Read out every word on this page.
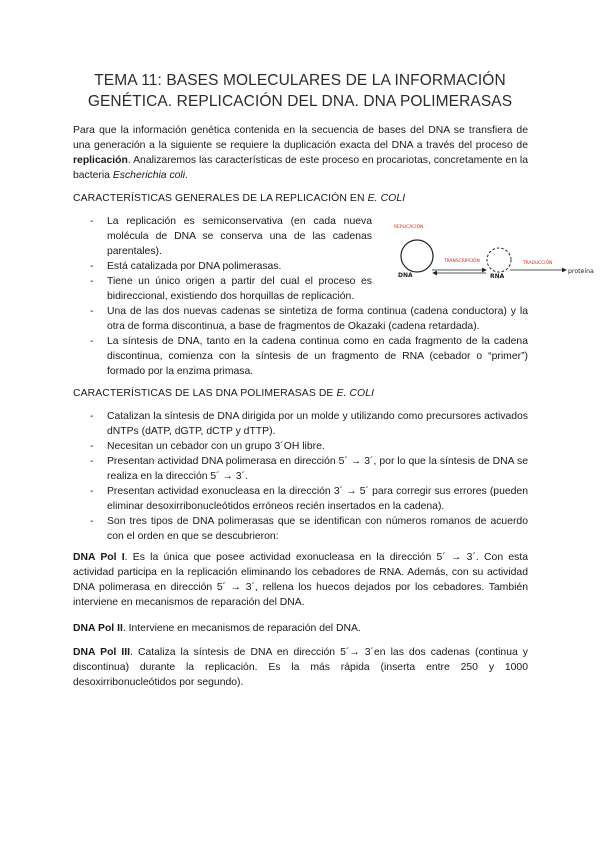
TEMA 11: BASES MOLECULARES DE LA INFORMACIÓN
GENÉTICA. REPLICACIÓN DEL DNA. DNA POLIMERASAS

Para que la información genética contenida en la secuencia de bases del DNA se transfiera de una generación a la siguiente se requiere la duplicación exacta del DNA a través del proceso de replicación. Analizaremos las características de este proceso en procariotas, concretamente en la bacteria Escherichia coli.

CARACTERÍSTICAS GENERALES DE LA REPLICACIÓN EN E. COLI

- La replicación es semiconservativa (en cada nueva molécula de DNA se conserva una de las cadenas parentales).
- Está catalizada por DNA polimerasas.
- Tiene un único origen a partir del cual el proceso es bidireccional, existiendo dos horquillas de replicación.
- Una de las dos nuevas cadenas se sintetiza de forma continua (cadena conductora) y la otra de forma discontinua, a base de fragmentos de Okazaki (cadena retardada).
- La síntesis de DNA, tanto en la cadena continua como en cada fragmento de la cadena discontinua, comienza con la síntesis de un fragmento de RNA (cebador o “primer”) formado por la enzima primasa.
REPLICACIÓN
TRANSCRIPCIÓN	TRADUCCIÓN
DNA	RNA
proteína

CARACTERÍSTICAS DE LAS DNA POLIMERASAS DE E. COLI

- Catalizan la síntesis de DNA dirigida por un molde y utilizando como precursores activados dNTPs (dATP, dGTP, dCTP y dTTP).
- Necesitan un cebador con un grupo 3´OH libre.
- Presentan actividad DNA polimerasa en dirección 5´ → 3´, por lo que la síntesis de DNA se realiza en la dirección 5´ → 3´.
- Presentan actividad exonucleasa en la dirección 3´ → 5´ para corregir sus errores (pueden eliminar desoxirribonucleótidos erróneos recién insertados en la cadena).
- Son tres tipos de DNA polimerasas que se identifican con números romanos de acuerdo con el orden en que se descubrieron:

DNA Pol I. Es la única que posee actividad exonucleasa en la dirección 5´ → 3´. Con esta actividad participa en la replicación eliminando los cebadores de RNA. Además, con su actividad DNA polimerasa en dirección 5´ → 3´, rellena los huecos dejados por los cebadores. También interviene en mecanismos de reparación del DNA.

DNA Pol II. Interviene en mecanismos de reparación del DNA.

DNA Pol III. Cataliza la síntesis de DNA en dirección 5´→ 3´en las dos cadenas (continua y discontinua) durante la replicación. Es la más rápida (inserta entre 250 y 1000 desoxirribonucleótidos por segundo).
